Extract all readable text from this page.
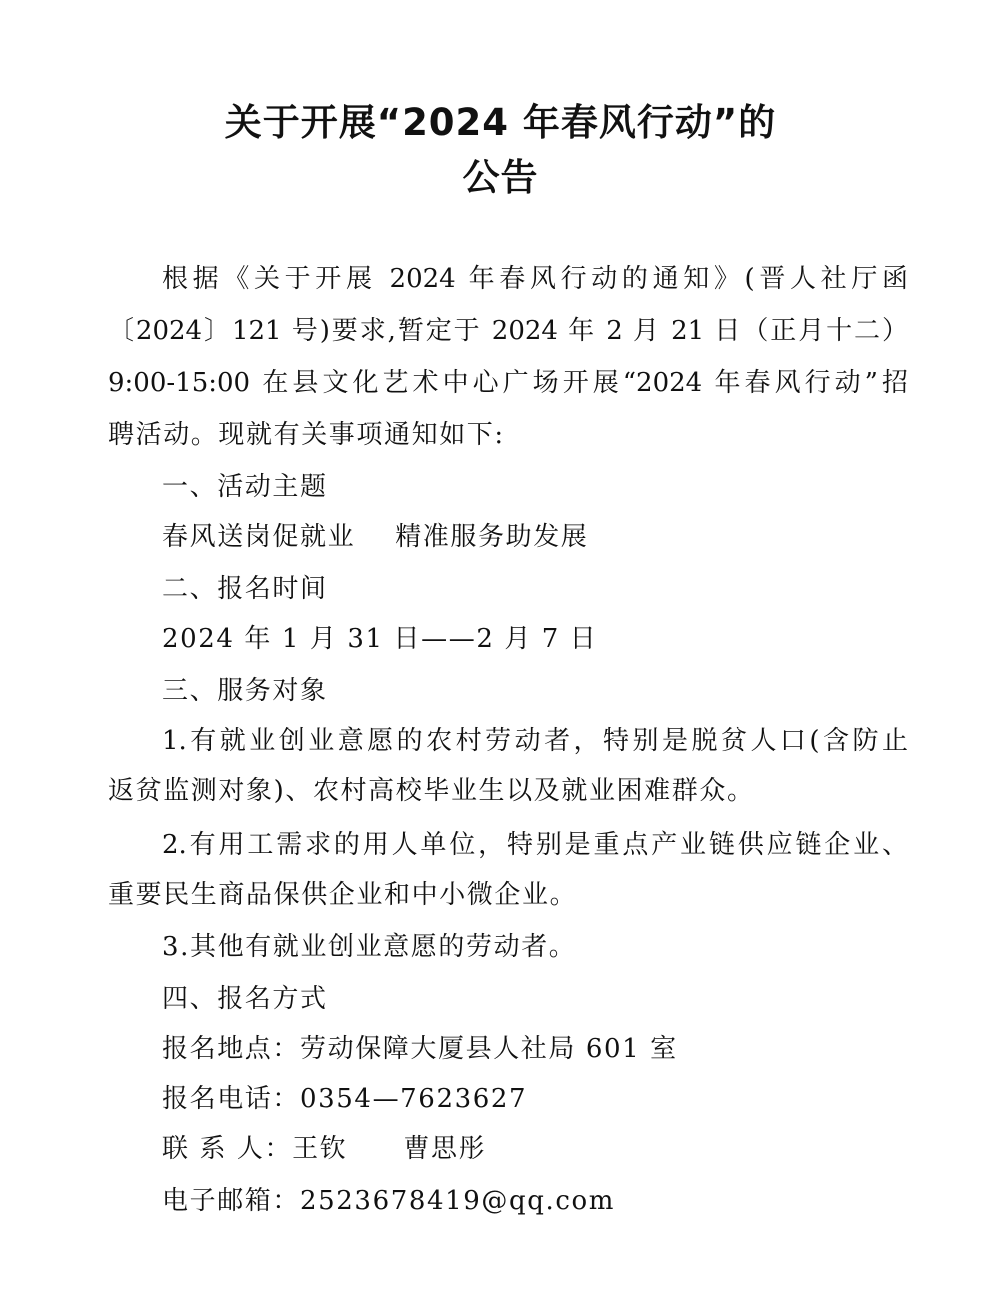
关于开展“2024 年春风行动”的
公告
根据《关于开展 2024 年春风行动的通知》(晋人社厅函
〔2024〕121 号)要求,暂定于 2024 年 2 月 21 日（正月十二）
9:00-15:00 在县文化艺术中心广场开展“2024 年春风行动”招
聘活动。现就有关事项通知如下:
一、活动主题
春风送岗促就业 精准服务助发展
二、报名时间
2024 年 1 月 31 日——2 月 7 日
三、服务对象
1.有就业创业意愿的农村劳动者，特别是脱贫人口(含防止
返贫监测对象)、农村高校毕业生以及就业困难群众。
2.有用工需求的用人单位，特别是重点产业链供应链企业、
重要民生商品保供企业和中小微企业。
3.其他有就业创业意愿的劳动者。
四、报名方式
报名地点：劳动保障大厦县人社局 601 室
报名电话：0354—7623627
联 系 人：王钦 曹思彤
电子邮箱：2523678419@qq.com
